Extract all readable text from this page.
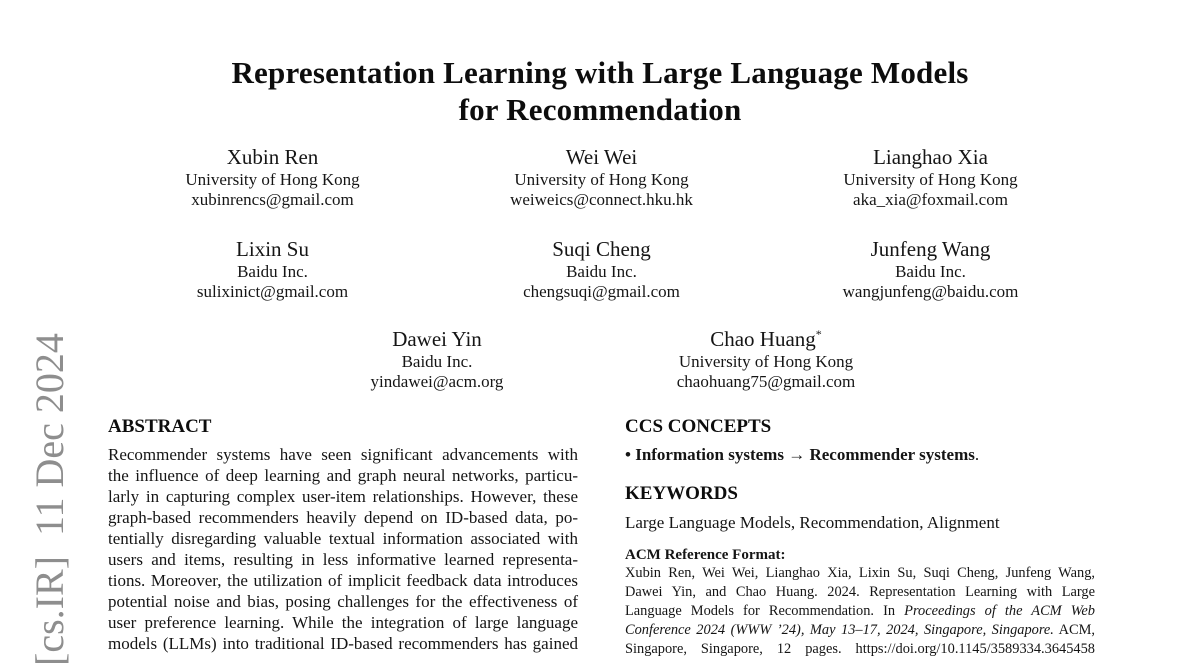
[cs.IR]  11 Dec 2024
Representation Learning with Large Language Models
for Recommendation
Xubin Ren
University of Hong Kong
xubinrencs@gmail.com
Wei Wei
University of Hong Kong
weiweics@connect.hku.hk
Lianghao Xia
University of Hong Kong
aka_xia@foxmail.com
Lixin Su
Baidu Inc.
sulixinict@gmail.com
Suqi Cheng
Baidu Inc.
chengsuqi@gmail.com
Junfeng Wang
Baidu Inc.
wangjunfeng@baidu.com
Dawei Yin
Baidu Inc.
yindawei@acm.org
Chao Huang*
University of Hong Kong
chaohuang75@gmail.com
ABSTRACT
Recommender systems have seen significant advancements with
the influence of deep learning and graph neural networks, particu-
larly in capturing complex user-item relationships. However, these
graph-based recommenders heavily depend on ID-based data, po-
tentially disregarding valuable textual information associated with
users and items, resulting in less informative learned representa-
tions. Moreover, the utilization of implicit feedback data introduces
potential noise and bias, posing challenges for the effectiveness of
user preference learning. While the integration of large language
models (LLMs) into traditional ID-based recommenders has gained
CCS CONCEPTS
• Information systems → Recommender systems.
KEYWORDS
Large Language Models, Recommendation, Alignment
ACM Reference Format:
Xubin Ren, Wei Wei, Lianghao Xia, Lixin Su, Suqi Cheng, Junfeng Wang,
Dawei Yin, and Chao Huang. 2024. Representation Learning with Large
Language Models for Recommendation. In Proceedings of the ACM Web
Conference 2024 (WWW ’24), May 13–17, 2024, Singapore, Singapore. ACM,
Singapore, Singapore, 12 pages. https://doi.org/10.1145/3589334.3645458
